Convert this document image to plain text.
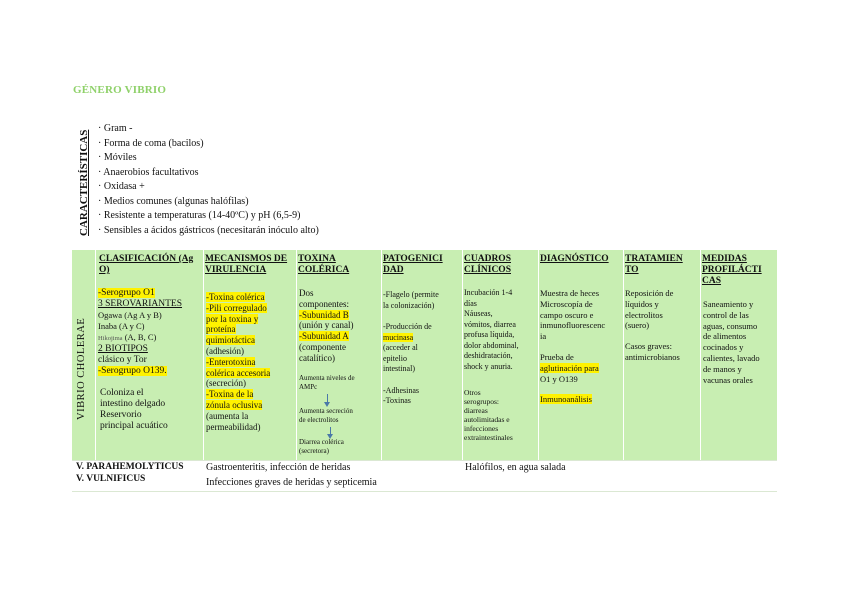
GÉNERO VIBRIO
CARACTERÍSTICAS
· Gram -
· Forma de coma (bacilos)
· Móviles
· Anaerobios facultativos
· Oxidasa +
· Medios comunes (algunas halófilas)
· Resistente a temperaturas (14-40ºC) y pH (6,5-9)
· Sensibles a ácidos gástricos (necesitarán inóculo alto)
VIBRIO CHOLERAE
CLASIFICACIÓN (Ag O)
MECANISMOS DE VIRULENCIA
TOXINA COLÉRICA
PATOGENICI DAD
CUADROS CLÍNICOS
DIAGNÓSTICO	TRATAMIEN TO
MEDIDAS PROFILÁCTI CAS
-Serogrupo O1
3 SEROVARIANTES
Ogawa (Ag A y B)
Inaba (A y C)
Hikojima (A, B, C)
2 BIOTIPOS
clásico y Tor
-Serogrupo O139.
Coloniza el
intestino delgado
Reservorio
principal acuático
-Toxina colérica
-Pili corregulado
por la toxina y
proteína
quimiotáctica
(adhesión)
-Enterotoxina
colérica accesoria
(secreción)
-Toxina de la
zónula oclusiva
(aumenta la
permeabilidad)
Dos
componentes:
-Subunidad B
(unión y canal)
-Subunidad A
(componente
catalítico)
Aumenta niveles de
AMPc
Aumenta secreción
de electrolitos
Diarrea colérica
(secretora)
-Flagelo (permite
la colonización)
-Producción de
mucinasa
(acceder al
epitelio
intestinal)
-Adhesinas
-Toxinas
Incubación 1-4
días
Náuseas,
vómitos, diarrea
profusa líquida,
dolor abdominal,
deshidratación,
shock y anuria.
Otros
serogrupos:
diarreas
autolimitadas e
infecciones
extraintestinales
Muestra de heces
Microscopía de
campo oscuro e
inmunofluorescenc
ia
Prueba de
aglutinación para
O1 y O139
Inmunoanálisis
Reposición de
líquidos y
electrolitos
(suero)
Casos graves:
antimicrobianos
Saneamiento y
control de las
aguas, consumo
de alimentos
cocinados y
calientes, lavado
de manos y
vacunas orales
V. PARAHEMOLYTICUS
V. VULNIFICUS
Gastroenteritis, infección de heridas
Infecciones graves de heridas y septicemia
Halófilos, en agua salada
